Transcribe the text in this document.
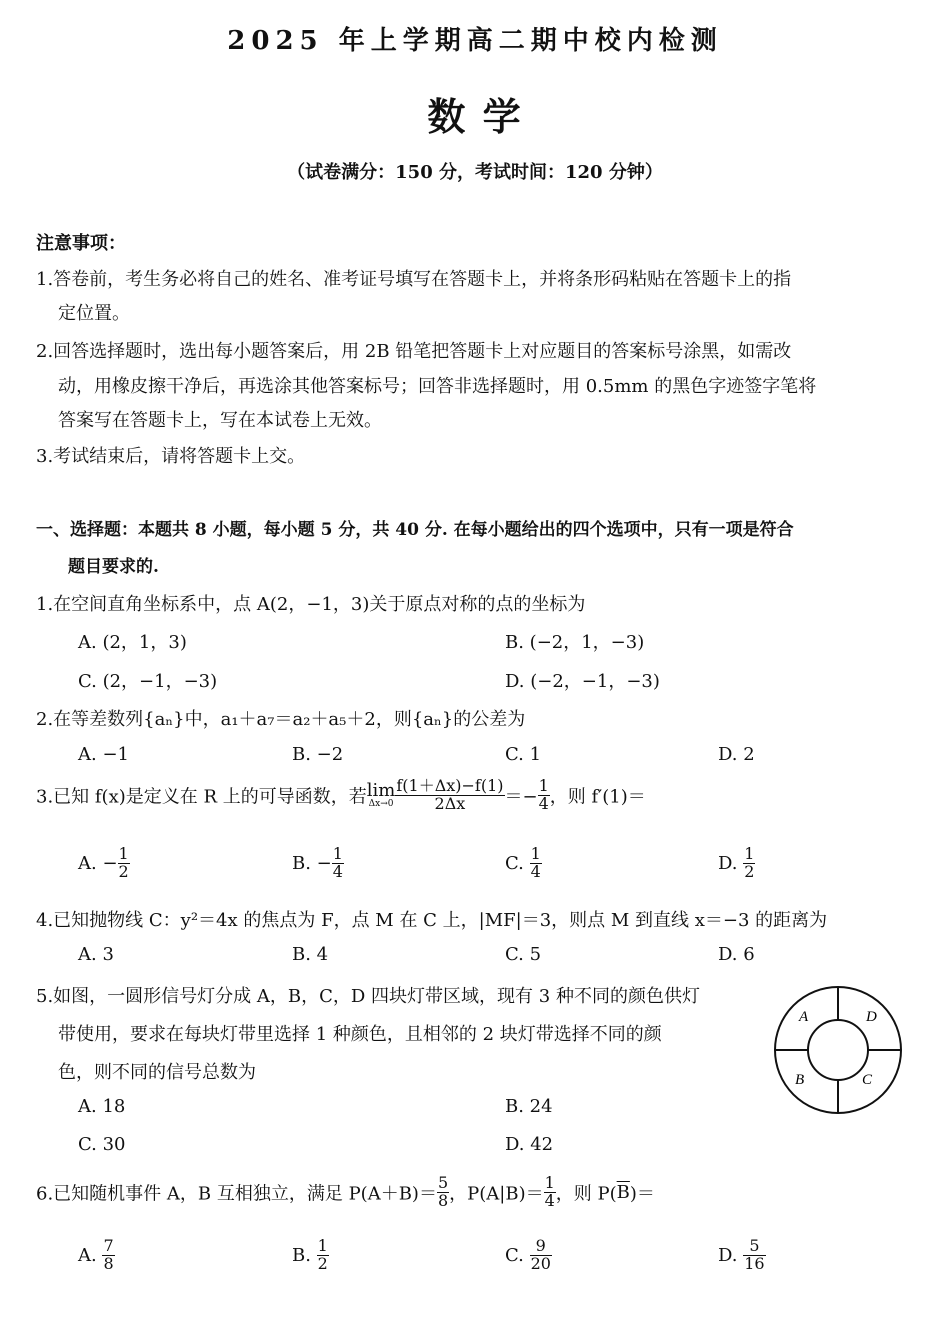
2025 年上学期高二期中校内检测
数 学
（试卷满分：150 分，考试时间：120 分钟）
注意事项：
1.答卷前，考生务必将自己的姓名、准考证号填写在答题卡上，并将条形码粘贴在答题卡上的指
定位置。
2.回答选择题时，选出每小题答案后，用 2B 铅笔把答题卡上对应题目的答案标号涂黑，如需改
动，用橡皮擦干净后，再选涂其他答案标号；回答非选择题时，用 0.5mm 的黑色字迹签字笔将
答案写在答题卡上，写在本试卷上无效。
3.考试结束后，请将答题卡上交。
一、选择题：本题共 8 小题，每小题 5 分，共 40 分. 在每小题给出的四个选项中，只有一项是符合
题目要求的.
1.在空间直角坐标系中，点 A(2，−1，3)关于原点对称的点的坐标为
A. (2，1，3)	B. (−2，1，−3)
C. (2，−1，−3)	D. (−2，−1，−3)
2.在等差数列{aₙ}中，a₁＋a₇＝a₂＋a₅＋2，则{aₙ}的公差为
A. −1	B. −2	C. 1	D. 2
3.已知 f(x)是定义在 R 上的可导函数，若lim
$\Delta x\to 0 \frac{f(1+\Delta x)-f(1)}{2\Delta x} =- \frac{1}{4}$ ，则 f′(1)＝
A. − $\frac{1}{2}$	B. − $\frac{1}{4}$	C. $\frac{1}{4}$	D. $\frac{1}{2}$
4.已知抛物线 C：y²＝4x 的焦点为 F，点 M 在 C 上，|MF|＝3，则点 M 到直线 x＝−3 的距离为
A. 3	B. 4	C. 5	D. 6
5.如图，一圆形信号灯分成 A，B，C，D 四块灯带区域，现有 3 种不同的颜色供灯
带使用，要求在每块灯带里选择 1 种颜色，且相邻的 2 块灯带选择不同的颜
色，则不同的信号总数为
A. 18	B. 24
C. 30	D. 42
A	D
B	C
6.已知随机事件 A，B 互相独立，满足 $P(A+B)= \frac{5}{8}$ ，$P(A|B)= \frac{1}{4}$ ，则 $P(\overline{B})=$
A. $\frac{7}{8}$	B. $\frac{1}{2}$	C. $\frac{9}{20}$	D. $\frac{5}{16}$
